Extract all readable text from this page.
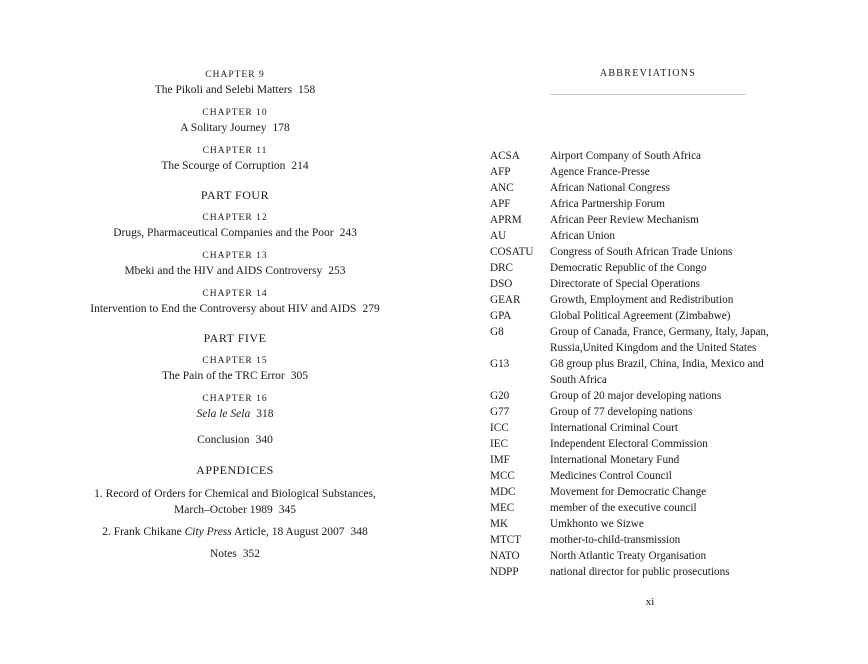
CHAPTER 9
The Pikoli and Selebi Matters 158
CHAPTER 10
A Solitary Journey 178
CHAPTER 11
The Scourge of Corruption 214
PART FOUR
CHAPTER 12
Drugs, Pharmaceutical Companies and the Poor 243
CHAPTER 13
Mbeki and the HIV and AIDS Controversy 253
CHAPTER 14
Intervention to End the Controversy about HIV and AIDS 279
PART FIVE
CHAPTER 15
The Pain of the TRC Error 305
CHAPTER 16
Sela le Sela 318
Conclusion 340
APPENDICES
1. Record of Orders for Chemical and Biological Substances,
March–October 1989 345
2. Frank Chikane City Press Article, 18 August 2007 348
Notes 352
ABBREVIATIONS
ACSA	Airport Company of South Africa
AFP	Agence France-Presse
ANC	African National Congress
APF	Africa Partnership Forum
APRM	African Peer Review Mechanism
AU	African Union
COSATU	Congress of South African Trade Unions
DRC	Democratic Republic of the Congo
DSO	Directorate of Special Operations
GEAR	Growth, Employment and Redistribution
GPA	Global Political Agreement (Zimbabwe)
G8	Group of Canada, France, Germany, Italy, Japan,
Russia,United Kingdom and the United States
G13	G8 group plus Brazil, China, India, Mexico and
South Africa
G20	Group of 20 major developing nations
G77	Group of 77 developing nations
ICC	International Criminal Court
IEC	Independent Electoral Commission
IMF	International Monetary Fund
MCC	Medicines Control Council
MDC	Movement for Democratic Change
MEC	member of the executive council
MK	Umkhonto we Sizwe
MTCT	mother-to-child-transmission
NATO	North Atlantic Treaty Organisation
NDPP	national director for public prosecutions
xi
